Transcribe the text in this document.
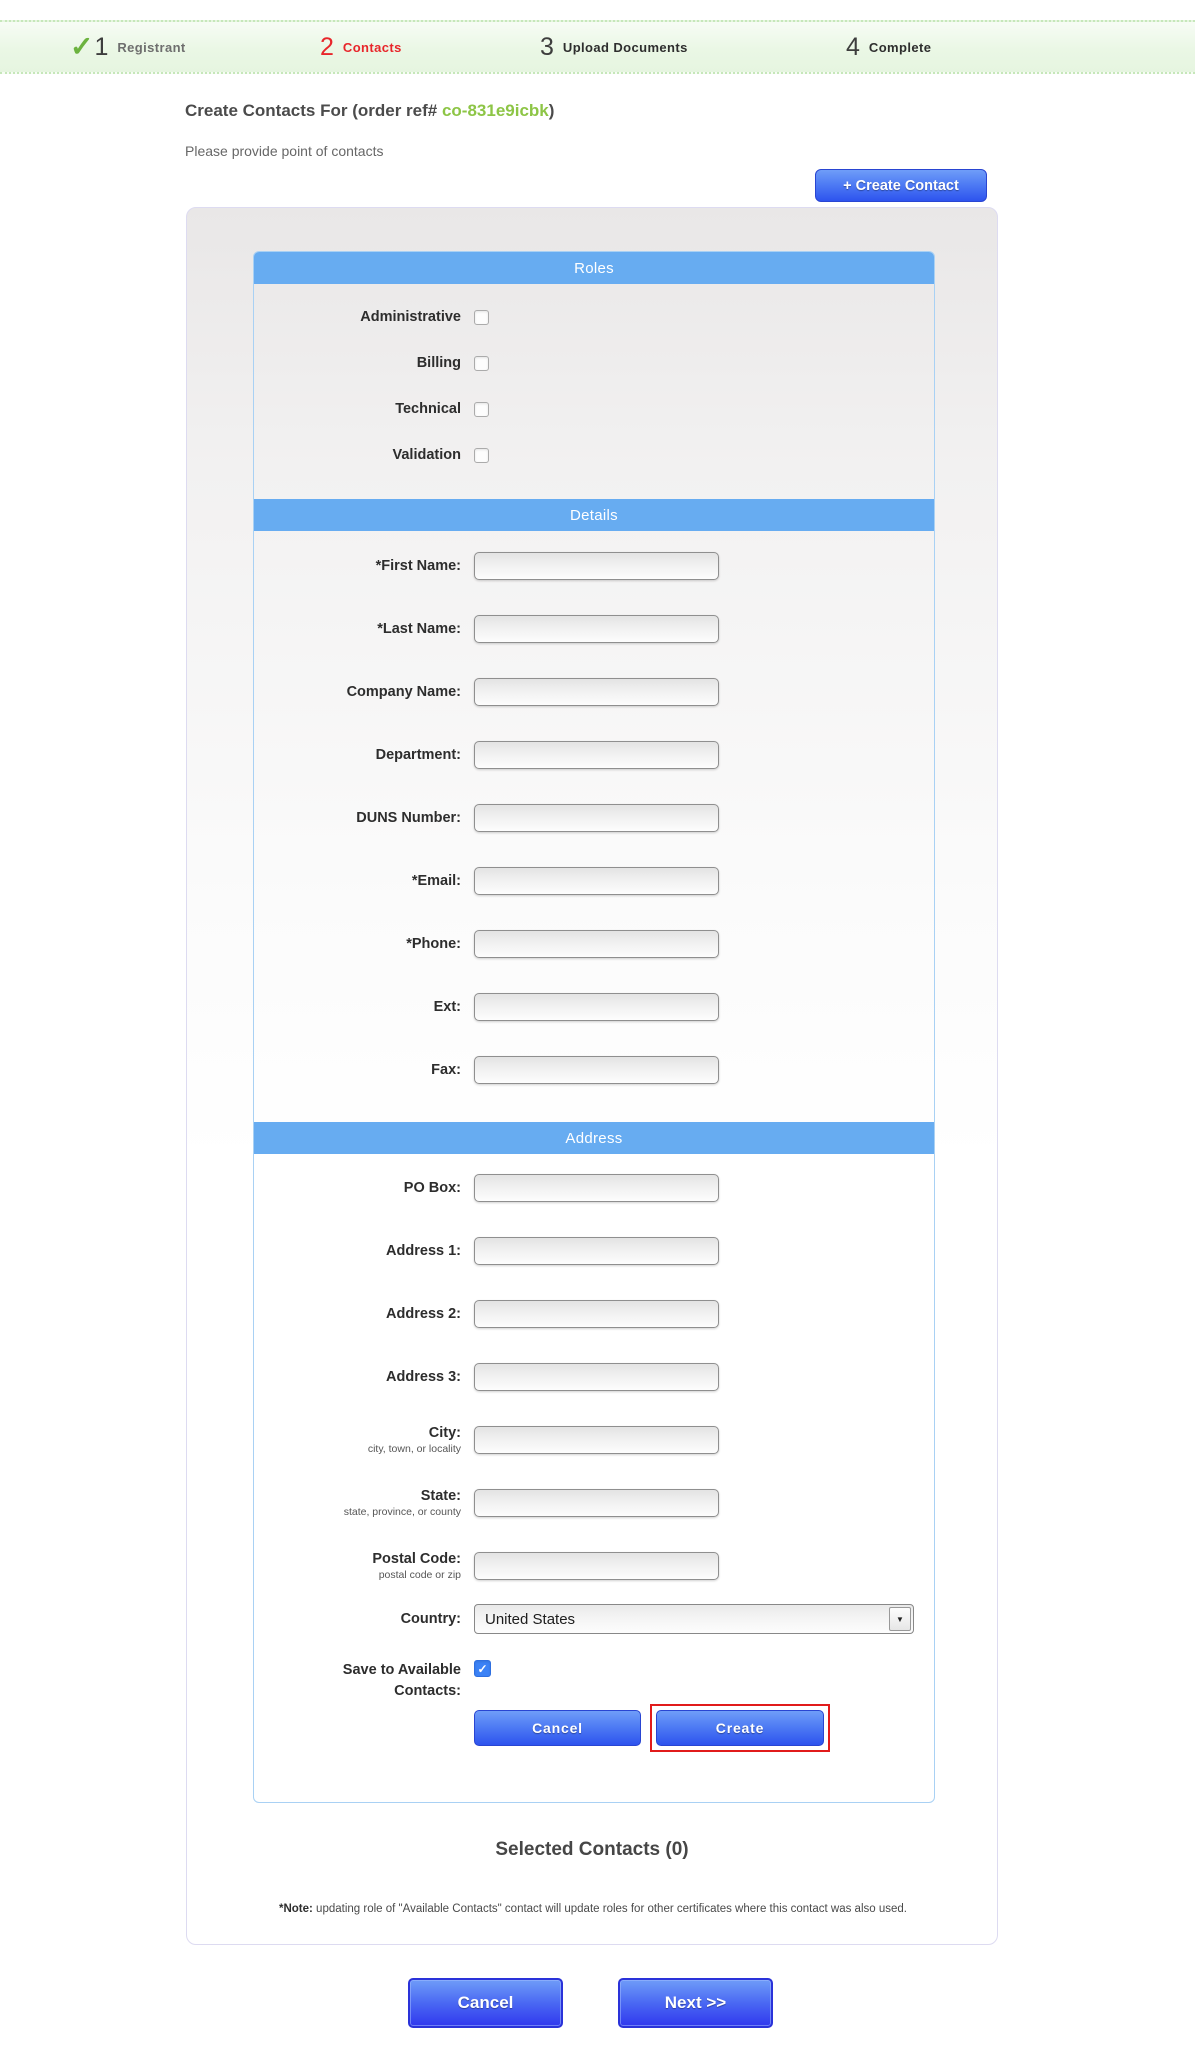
✓ 1 Registrant	2 Contacts	3 Upload Documents	4 Complete
Create Contacts For (order ref# co-831e9icbk)
Please provide point of contacts
+ Create Contact
Roles
Administrative
Billing
Technical
Validation
Details
*First Name:
*Last Name:
Company Name:
Department:
DUNS Number:
*Email:
*Phone:
Ext:
Fax:
Address
PO Box:
Address 1:
Address 2:
Address 3:
City:
city, town, or locality
State:
state, province, or county
Postal Code:
postal code or zip
Country:	United States	▼
Save to Available
Contacts:
✓
Cancel	Create
Selected Contacts (0)
*Note: updating role of "Available Contacts" contact will update roles for other certificates where this contact was also used.
Cancel	Next >>
